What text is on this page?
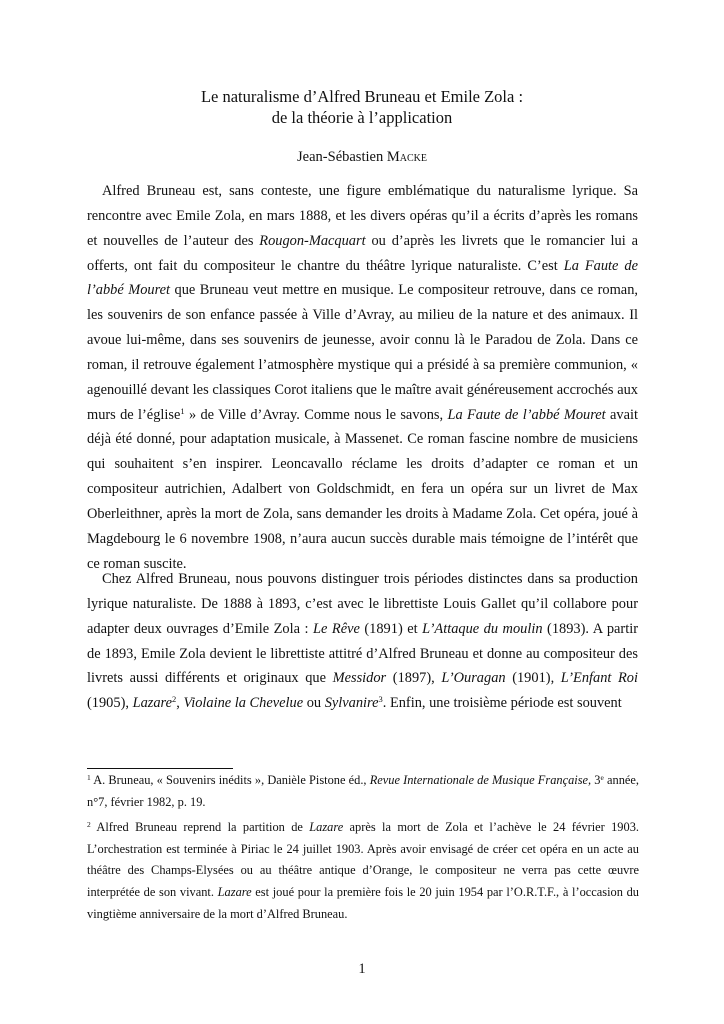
Le naturalisme d’Alfred Bruneau et Emile Zola :
de la théorie à l’application
Jean-Sébastien Macke
Alfred Bruneau est, sans conteste, une figure emblématique du naturalisme lyrique. Sa rencontre avec Emile Zola, en mars 1888, et les divers opéras qu’il a écrits d’après les romans et nouvelles de l’auteur des Rougon-Macquart ou d’après les livrets que le romancier lui a offerts, ont fait du compositeur le chantre du théâtre lyrique naturaliste. C’est La Faute de l’abbé Mouret que Bruneau veut mettre en musique. Le compositeur retrouve, dans ce roman, les souvenirs de son enfance passée à Ville d’Avray, au milieu de la nature et des animaux. Il avoue lui-même, dans ses souvenirs de jeunesse, avoir connu là le Paradou de Zola. Dans ce roman, il retrouve également l’atmosphère mystique qui a présidé à sa première communion, « agenouillé devant les classiques Corot italiens que le maître avait généreusement accrochés aux murs de l’église$^1$ » de Ville d’Avray. Comme nous le savons, La Faute de l’abbé Mouret avait déjà été donné, pour adaptation musicale, à Massenet. Ce roman fascine nombre de musiciens qui souhaitent s’en inspirer. Leoncavallo réclame les droits d’adapter ce roman et un compositeur autrichien, Adalbert von Goldschmidt, en fera un opéra sur un livret de Max Oberleithner, après la mort de Zola, sans demander les droits à Madame Zola. Cet opéra, joué à Magdebourg le 6 novembre 1908, n’aura aucun succès durable mais témoigne de l’intérêt que ce roman suscite.
Chez Alfred Bruneau, nous pouvons distinguer trois périodes distinctes dans sa production lyrique naturaliste. De 1888 à 1893, c’est avec le librettiste Louis Gallet qu’il collabore pour adapter deux ouvrages d’Emile Zola : Le Rêve (1891) et L’Attaque du moulin (1893). A partir de 1893, Emile Zola devient le librettiste attitré d’Alfred Bruneau et donne au compositeur des livrets aussi différents et originaux que Messidor (1897), L’Ouragan (1901), L’Enfant Roi (1905), Lazare$^2$, Violaine la Chevelue ou Sylvanire$^3$. Enfin, une troisième période est souvent
$^1$ A. Bruneau, « Souvenirs inédits », Danièle Pistone éd., Revue Internationale de Musique Française, 3e année, n°7, février 1982, p. 19.
$^2$ Alfred Bruneau reprend la partition de Lazare après la mort de Zola et l’achève le 24 février 1903. L’orchestration est terminée à Piriac le 24 juillet 1903. Après avoir envisagé de créer cet opéra en un acte au théâtre des Champs-Elysées ou au théâtre antique d’Orange, le compositeur ne verra pas cette œuvre interprétée de son vivant. Lazare est joué pour la première fois le 20 juin 1954 par l’O.R.T.F., à l’occasion du vingtième anniversaire de la mort d’Alfred Bruneau.
1
